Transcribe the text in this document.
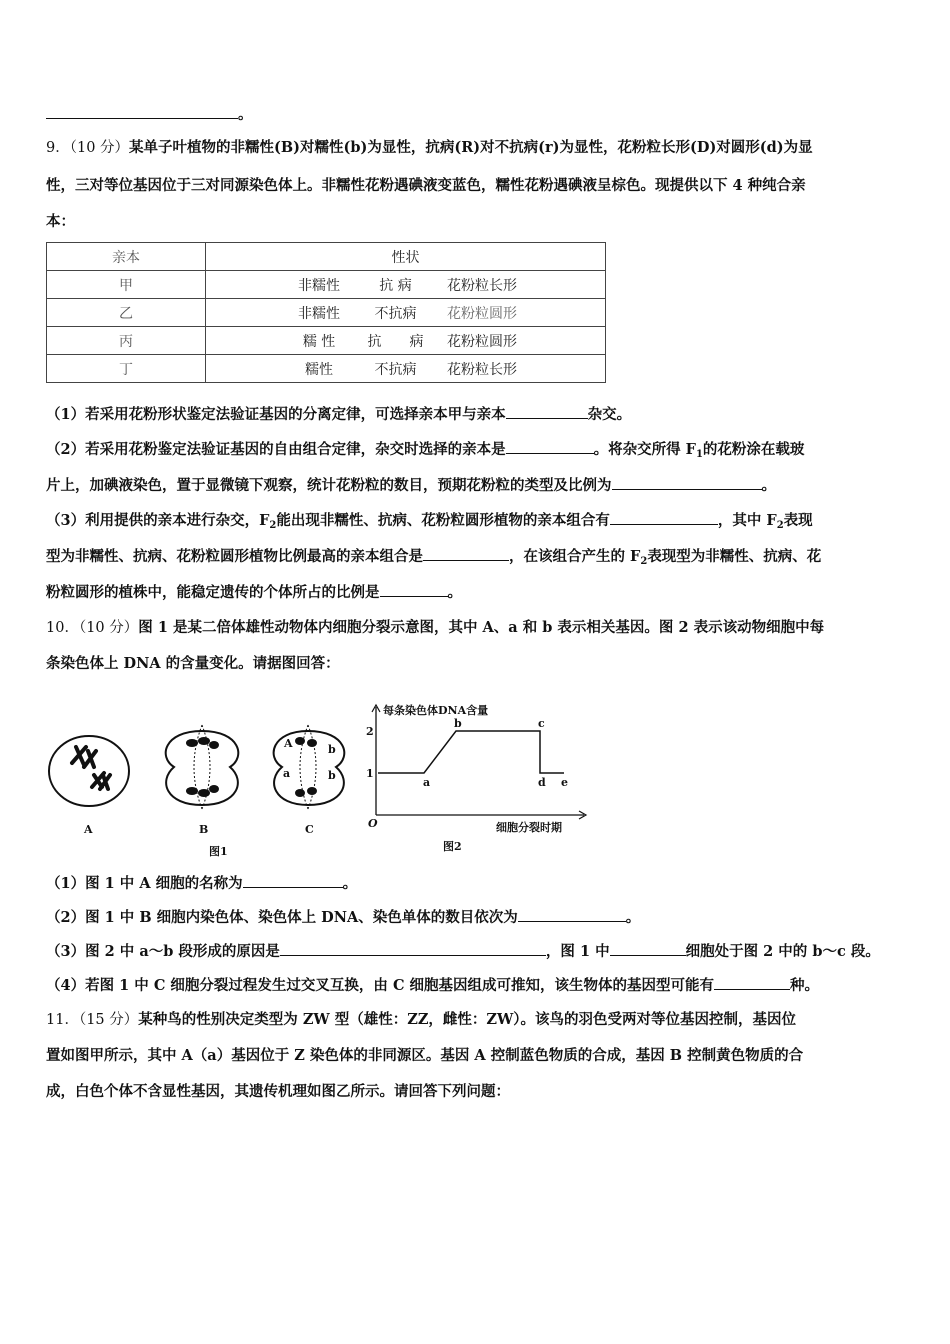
。
9．（10 分）某单子叶植物的非糯性(B)对糯性(b)为显性，抗病(R)对不抗病(r)为显性，花粉粒长形(D)对圆形(d)为显
性，三对等位基因位于三对同源染色体上。非糯性花粉遇碘液变蓝色，糯性花粉遇碘液呈棕色。现提供以下 4 种纯合亲
本：
亲本	性状
甲	非糯性 抗 病 花粉粒长形
乙	非糯性 不抗病 花粉粒圆形
丙	糯 性 抗　　病 花粉粒圆形
丁	糯性 不抗病 花粉粒长形
（1）若采用花粉形状鉴定法验证基因的分离定律，可选择亲本甲与亲本	杂交。
（2）若采用花粉鉴定法验证基因的自由组合定律，杂交时选择的亲本是	。将杂交所得 $F_1$的花粉涂在载玻
片上，加碘液染色，置于显微镜下观察，统计花粉粒的数目，预期花粉粒的类型及比例为	。
（3）利用提供的亲本进行杂交，$F_2$能出现非糯性、抗病、花粉粒圆形植物的亲本组合有	，其中 $F_2$表现
型为非糯性、抗病、花粉粒圆形植物比例最高的亲本组合是	，在该组合产生的 $F_2$表现型为非糯性、抗病、花
粉粒圆形的植株中，能稳定遗传的个体所占的比例是	。
10．（10 分）图 1 是某二倍体雄性动物体内细胞分裂示意图，其中 A、a 和 b 表示相关基因。图 2 表示该动物细胞中每
条染色体上 DNA 的含量变化。请据图回答：
A
a
b
b
A	B	C
图1
每条染色体DNA含量
细胞分裂时期
O
1
2
a
b	c
d e
图2
（1）图 1 中 A 细胞的名称为	。
（2）图 1 中 B 细胞内染色体、染色体上 DNA、染色单体的数目依次为	。
（3）图 2 中 a～b 段形成的原因是	，图 1 中	细胞处于图 2 中的 b～c 段。
（4）若图 1 中 C 细胞分裂过程发生过交叉互换，由 C 细胞基因组成可推知，该生物体的基因型可能有	种。
11．（15 分）某种鸟的性别决定类型为 ZW 型（雄性：ZZ，雌性：ZW）。该鸟的羽色受两对等位基因控制，基因位
置如图甲所示，其中 A（a）基因位于 Z 染色体的非同源区。基因 A 控制蓝色物质的合成，基因 B 控制黄色物质的合
成，白色个体不含显性基因，其遗传机理如图乙所示。请回答下列问题：
